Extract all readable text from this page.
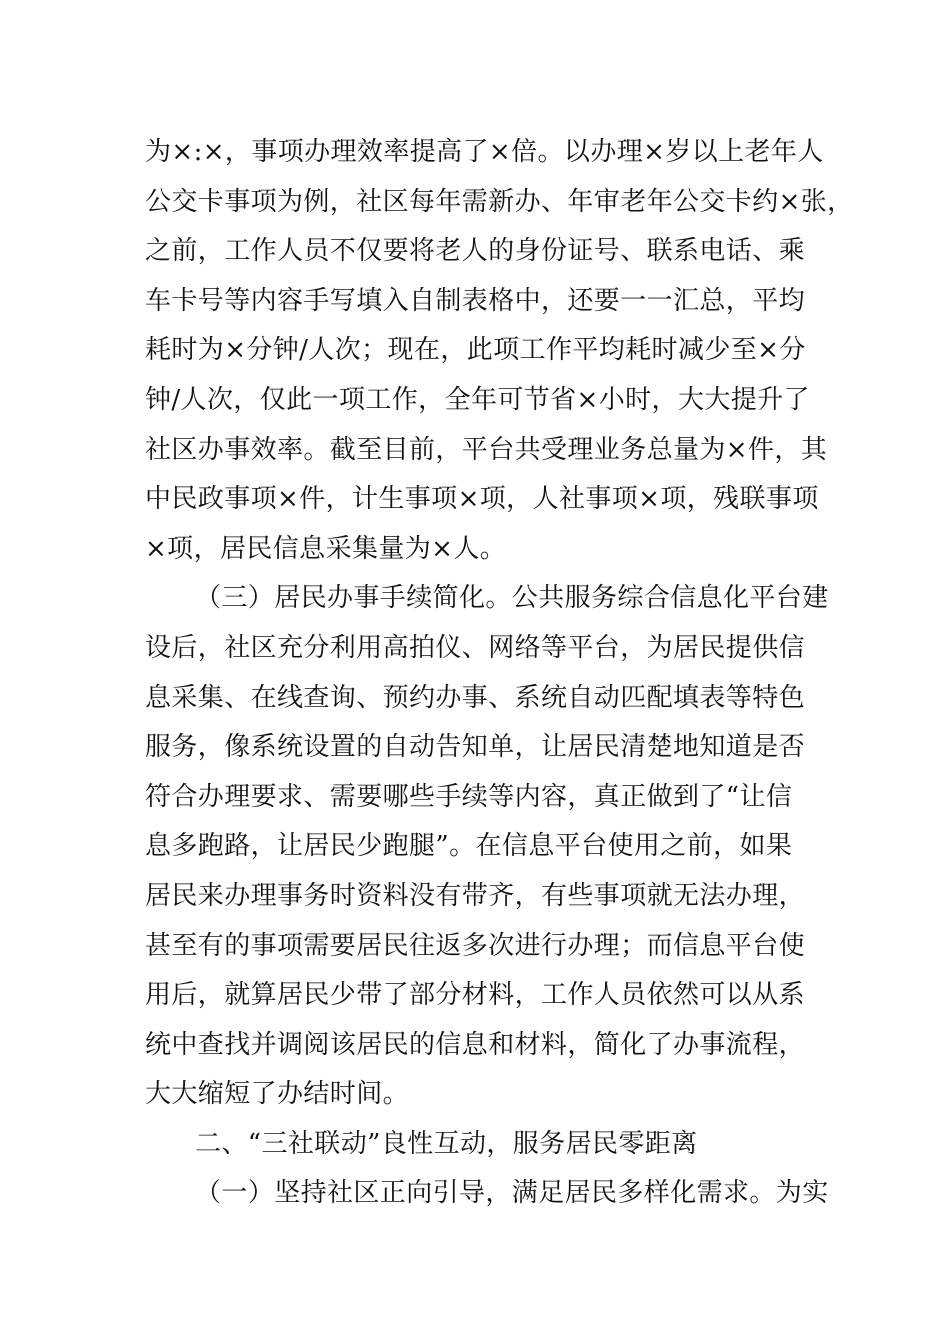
为×:×，事项办理效率提高了×倍。以办理×岁以上老年人
公交卡事项为例，社区每年需新办、年审老年公交卡约×张，
之前，工作人员不仅要将老人的身份证号、联系电话、乘
车卡号等内容手写填入自制表格中，还要一一汇总，平均
耗时为×分钟/人次；现在，此项工作平均耗时减少至×分
钟/人次，仅此一项工作，全年可节省×小时，大大提升了
社区办事效率。截至目前，平台共受理业务总量为×件，其
中民政事项×件，计生事项×项，人社事项×项，残联事项
×项，居民信息采集量为×人。
（三）居民办事手续简化。公共服务综合信息化平台建
设后，社区充分利用高拍仪、网络等平台，为居民提供信
息采集、在线查询、预约办事、系统自动匹配填表等特色
服务，像系统设置的自动告知单，让居民清楚地知道是否
符合办理要求、需要哪些手续等内容，真正做到了“让信
息多跑路，让居民少跑腿”。在信息平台使用之前，如果
居民来办理事务时资料没有带齐，有些事项就无法办理，
甚至有的事项需要居民往返多次进行办理；而信息平台使
用后，就算居民少带了部分材料，工作人员依然可以从系
统中查找并调阅该居民的信息和材料，简化了办事流程，
大大缩短了办结时间。
二、“三社联动”良性互动，服务居民零距离
（一）坚持社区正向引导，满足居民多样化需求。为实
